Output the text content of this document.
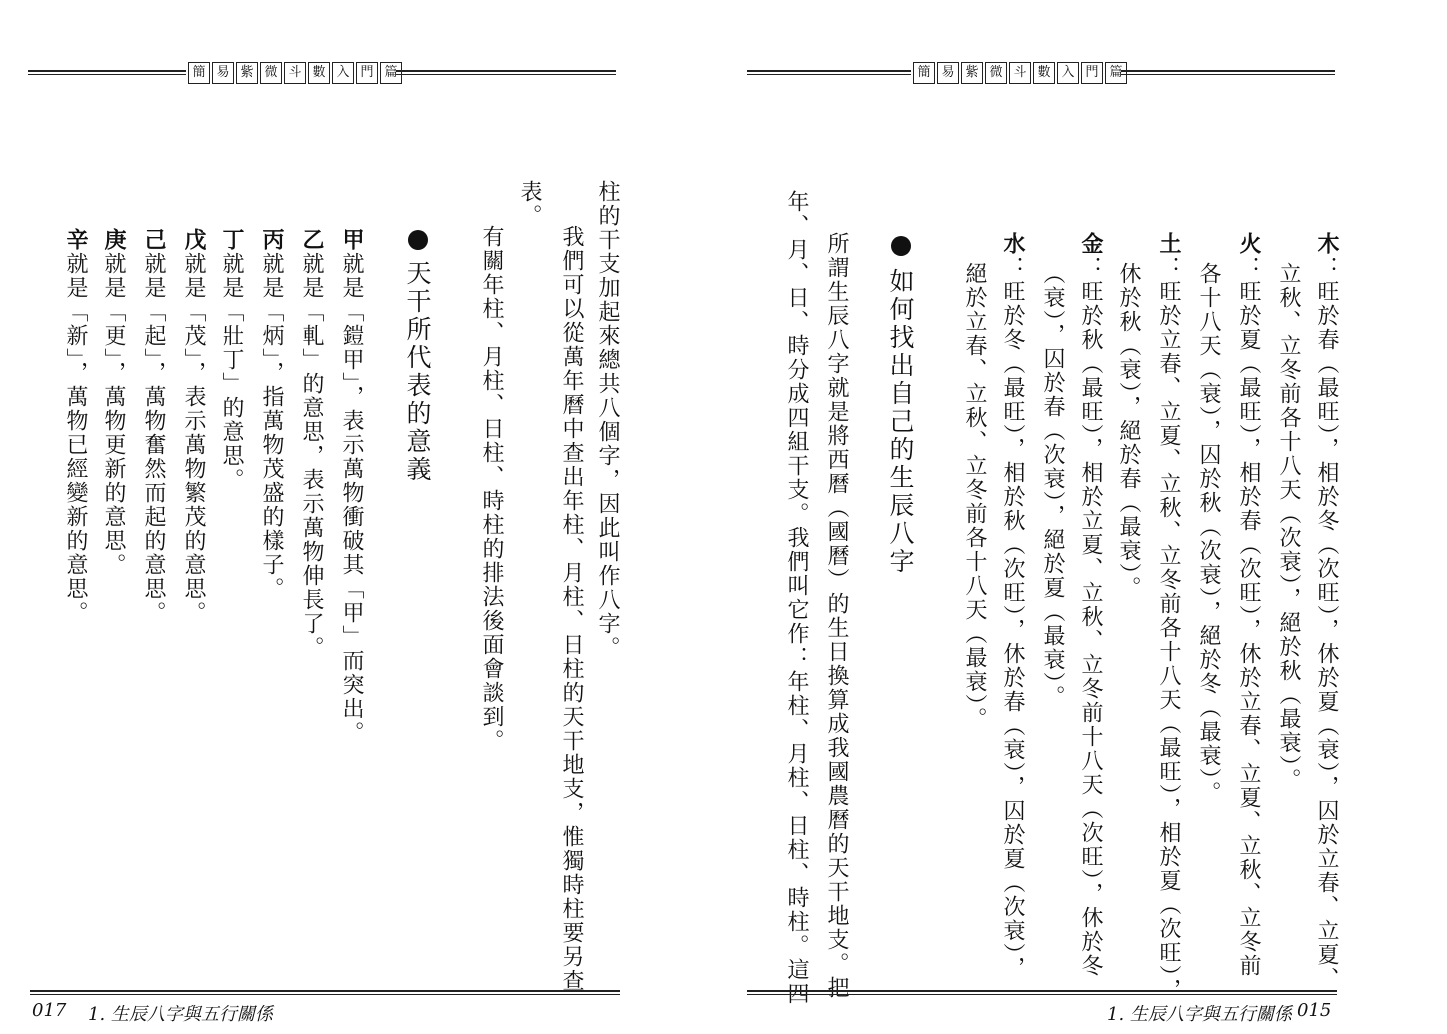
簡 易 紫 微 斗 數 入 門 篇
柱的干支加起來總共八個字，因此叫作八字。
我們可以從萬年曆中查出年柱、月柱、日柱的天干地支，惟獨時柱要另查
表。
有關年柱、月柱、日柱、時柱的排法後面會談到。
天干所代表的意義
甲就是「鎧甲」，表示萬物衝破其「甲」而突出。
乙就是「軋」的意思，表示萬物伸長了。
丙就是「炳」，指萬物茂盛的樣子。
丁就是「壯丁」的意思。
戊就是「茂」，表示萬物繁茂的意思。
己就是「起」，萬物奮然而起的意思。
庚就是「更」，萬物更新的意思。
辛就是「新」，萬物已經變新的意思。
017 1. 生辰八字與五行關係
簡 易 紫 微 斗 數 入 門 篇
木：旺於春（最旺），相於冬（次旺），休於夏（衰），囚於立春、立夏、
立秋、立冬前各十八天（次衰），絕於秋（最衰）。
火：旺於夏（最旺），相於春（次旺），休於立春、立夏、立秋、立冬前
各十八天（衰），囚於秋（次衰），絕於冬（最衰）。
土：旺於立春、立夏、立秋、立冬前各十八天（最旺），相於夏（次旺），
休於秋（衰），絕於春（最衰）。
金：旺於秋（最旺），相於立夏、立秋、立冬前十八天（次旺），休於冬
（衰），囚於春（次衰），絕於夏（最衰）。
水：旺於冬（最旺），相於秋（次旺），休於春（衰），囚於夏（次衰），
絕於立春、立秋、立冬前各十八天（最衰）。
如何找出自己的生辰八字
所謂生辰八字就是將西曆（國曆）的生日換算成我國農曆的天干地支。把
年、月、日、時分成四組干支。我們叫它作：年柱、月柱、日柱、時柱。這四
1. 生辰八字與五行關係 015
